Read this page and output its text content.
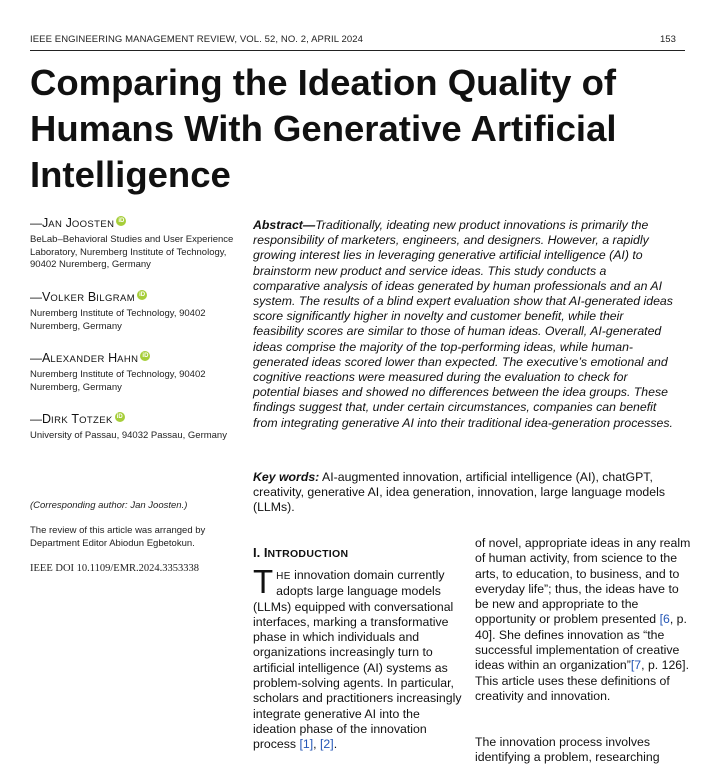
IEEE ENGINEERING MANAGEMENT REVIEW, VOL. 52, NO. 2, APRIL 2024	153
Comparing the Ideation Quality of Humans With Generative Artificial Intelligence
—JAN JOOSTEN iD
BeLab–Behavioral Studies and User Experience Laboratory, Nuremberg Institute of Technology, 90402 Nuremberg, Germany
—VOLKER BILGRAM iD
Nuremberg Institute of Technology, 90402 Nuremberg, Germany
—ALEXANDER HAHN iD
Nuremberg Institute of Technology, 90402 Nuremberg, Germany
—DIRK TOTZEK iD
University of Passau, 94032 Passau, Germany
(Corresponding author: Jan Joosten.)
The review of this article was arranged by Department Editor Abiodun Egbetokun.
IEEE DOI 10.1109/EMR.2024.3353338

Abstract—Traditionally, ideating new product innovations is primarily the responsibility of marketers, engineers, and designers. However, a rapidly growing interest lies in leveraging generative artificial intelligence (AI) to brainstorm new product and service ideas. This study conducts a comparative analysis of ideas generated by human professionals and an AI system. The results of a blind expert evaluation show that AI-generated ideas score significantly higher in novelty and customer benefit, while their feasibility scores are similar to those of human ideas. Overall, AI-generated ideas comprise the majority of the top-performing ideas, while human-generated ideas scored lower than expected. The executive’s emotional and cognitive reactions were measured during the evaluation to check for potential biases and showed no differences between the idea groups. These findings suggest that, under certain circumstances, companies can benefit from integrating generative AI into their traditional idea-generation processes.

Key words: AI-augmented innovation, artificial intelligence (AI), chatGPT, creativity, generative AI, idea generation, innovation, large language models (LLMs).

I. INTRODUCTION

THE innovation domain currently adopts large language models (LLMs) equipped with conversational interfaces, marking a transformative phase in which individuals and organizations increasingly turn to artificial intelligence (AI) systems as problem-solving agents. In particular, scholars and practitioners increasingly integrate generative AI into the ideation phase of the innovation process [1], [2].

of novel, appropriate ideas in any realm of human activity, from science to the arts, to education, to business, and to everyday life”; thus, the ideas have to be new and appropriate to the opportunity or problem presented [6, p. 40]. She defines innovation as “the successful implementation of creative ideas within an organization”[7, p. 126]. This article uses these definitions of creativity and innovation.

The innovation process involves identifying a problem, researching
